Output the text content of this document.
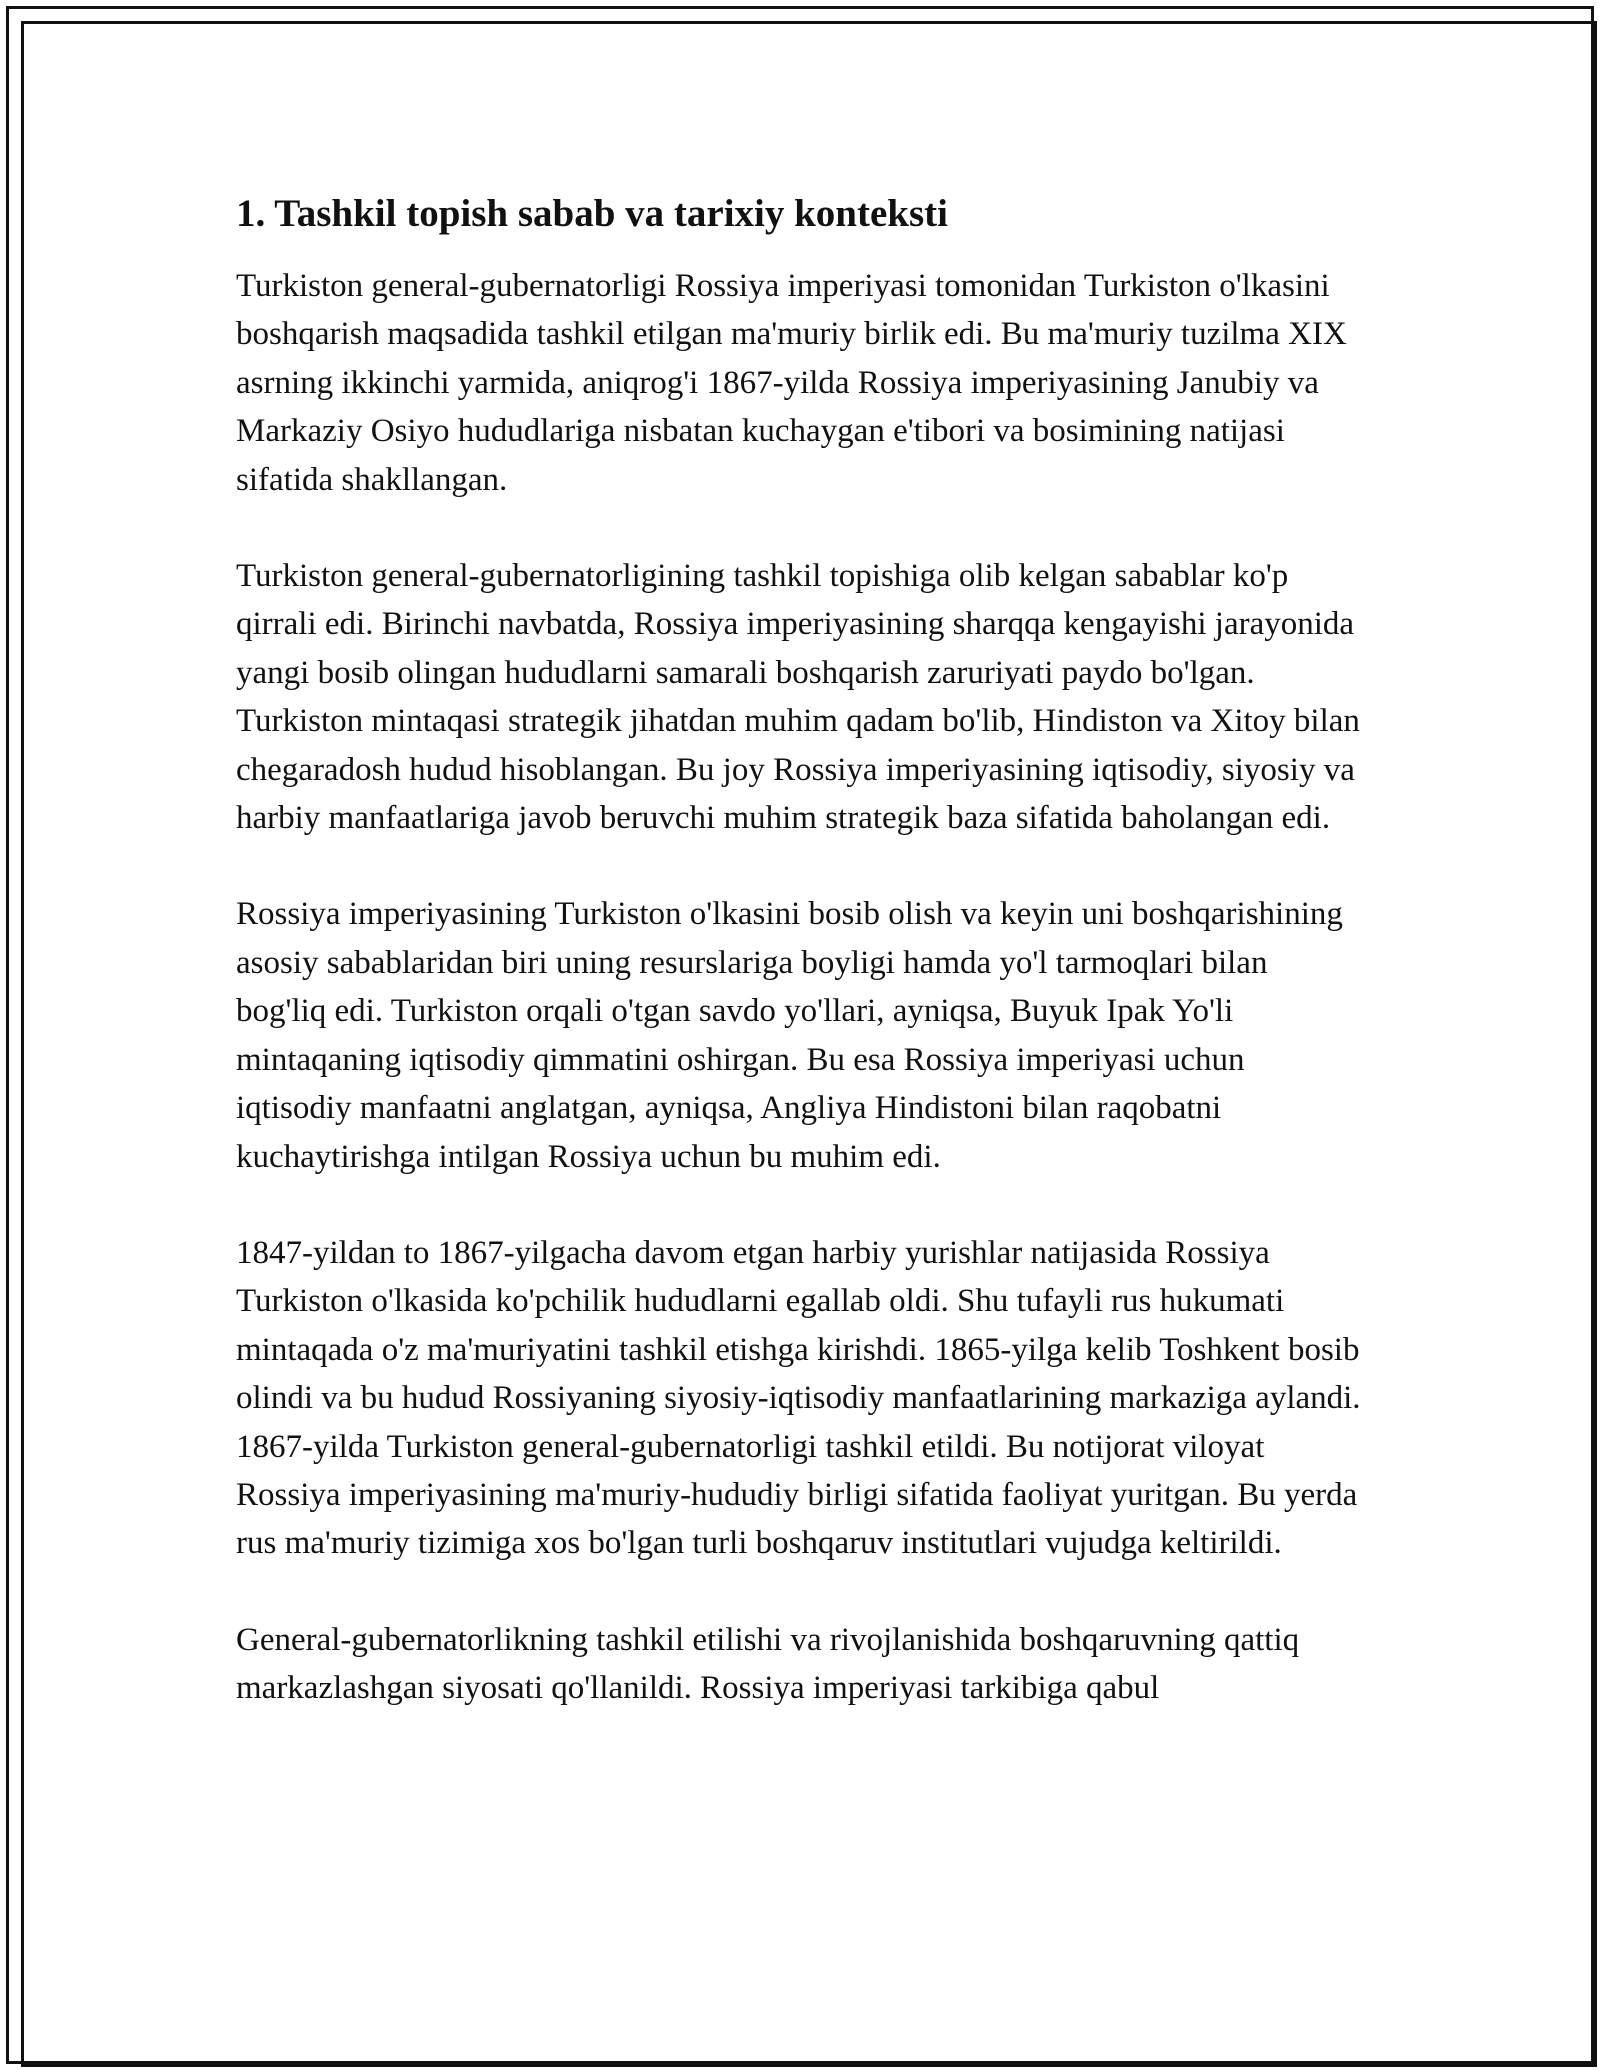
1. Tashkil topish sabab va tarixiy konteksti

Turkiston general-gubernatorligi Rossiya imperiyasi tomonidan Turkiston o'lkasini boshqarish maqsadida tashkil etilgan ma'muriy birlik edi. Bu ma'muriy tuzilma XIX asrning ikkinchi yarmida, aniqrog'i 1867-yilda Rossiya imperiyasining Janubiy va Markaziy Osiyo hududlariga nisbatan kuchaygan e'tibori va bosimining natijasi sifatida shakllangan.

Turkiston general-gubernatorligining tashkil topishiga olib kelgan sabablar ko'p qirrali edi. Birinchi navbatda, Rossiya imperiyasining sharqqa kengayishi jarayonida yangi bosib olingan hududlarni samarali boshqarish zaruriyati paydo bo'lgan. Turkiston mintaqasi strategik jihatdan muhim qadam bo'lib, Hindiston va Xitoy bilan chegaradosh hudud hisoblangan. Bu joy Rossiya imperiyasining iqtisodiy, siyosiy va harbiy manfaatlariga javob beruvchi muhim strategik baza sifatida baholangan edi.

Rossiya imperiyasining Turkiston o'lkasini bosib olish va keyin uni boshqarishining asosiy sabablaridan biri uning resurslariga boyligi hamda yo'l tarmoqlari bilan bog'liq edi. Turkiston orqali o'tgan savdo yo'llari, ayniqsa, Buyuk Ipak Yo'li mintaqaning iqtisodiy qimmatini oshirgan. Bu esa Rossiya imperiyasi uchun iqtisodiy manfaatni anglatgan, ayniqsa, Angliya Hindistoni bilan raqobatni kuchaytirishga intilgan Rossiya uchun bu muhim edi.

1847-yildan to 1867-yilgacha davom etgan harbiy yurishlar natijasida Rossiya Turkiston o'lkasida ko'pchilik hududlarni egallab oldi. Shu tufayli rus hukumati mintaqada o'z ma'muriyatini tashkil etishga kirishdi. 1865-yilga kelib Toshkent bosib olindi va bu hudud Rossiyaning siyosiy-iqtisodiy manfaatlarining markaziga aylandi. 1867-yilda Turkiston general-gubernatorligi tashkil etildi. Bu notijorat viloyat Rossiya imperiyasining ma'muriy-hududiy birligi sifatida faoliyat yuritgan. Bu yerda rus ma'muriy tizimiga xos bo'lgan turli boshqaruv institutlari vujudga keltirildi.

General-gubernatorlikning tashkil etilishi va rivojlanishida boshqaruvning qattiq markazlashgan siyosati qo'llanildi. Rossiya imperiyasi tarkibiga qabul
